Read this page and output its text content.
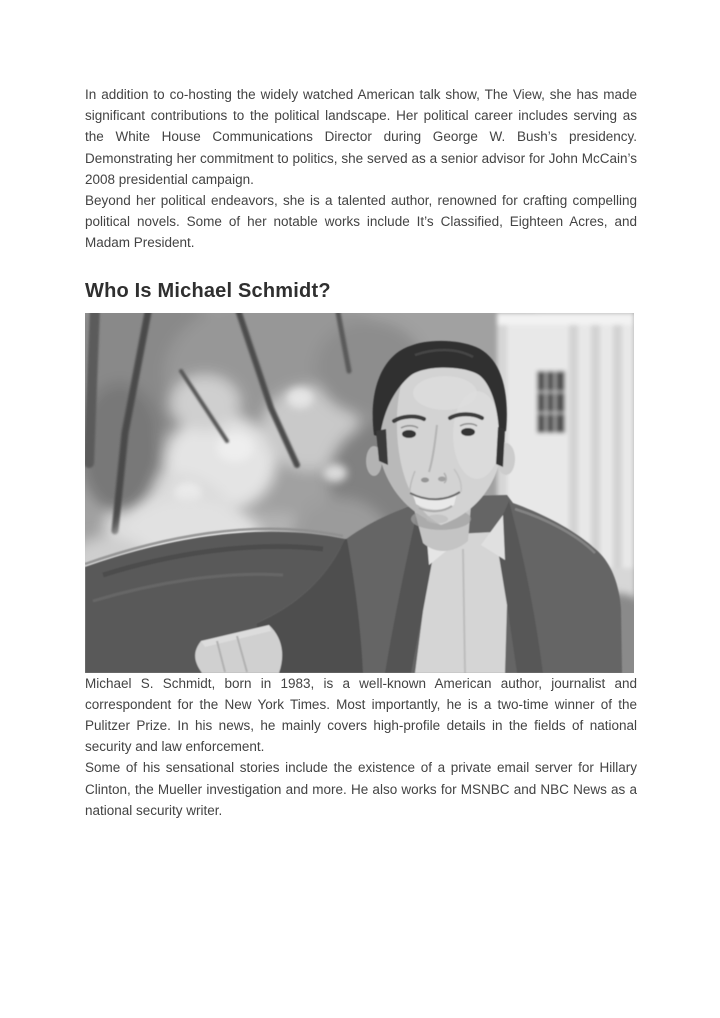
In addition to co-hosting the widely watched American talk show, The View, she has made significant contributions to the political landscape. Her political career includes serving as the White House Communications Director during George W. Bush’s presidency. Demonstrating her commitment to politics, she served as a senior advisor for John McCain’s 2008 presidential campaign.

Beyond her political endeavors, she is a talented author, renowned for crafting compelling political novels. Some of her notable works include It’s Classified, Eighteen Acres, and Madam President.

Who Is Michael Schmidt?

Michael S. Schmidt, born in 1983, is a well-known American author, journalist and correspondent for the New York Times. Most importantly, he is a two-time winner of the Pulitzer Prize. In his news, he mainly covers high-profile details in the fields of national security and law enforcement.

Some of his sensational stories include the existence of a private email server for Hillary Clinton, the Mueller investigation and more. He also works for MSNBC and NBC News as a national security writer.
